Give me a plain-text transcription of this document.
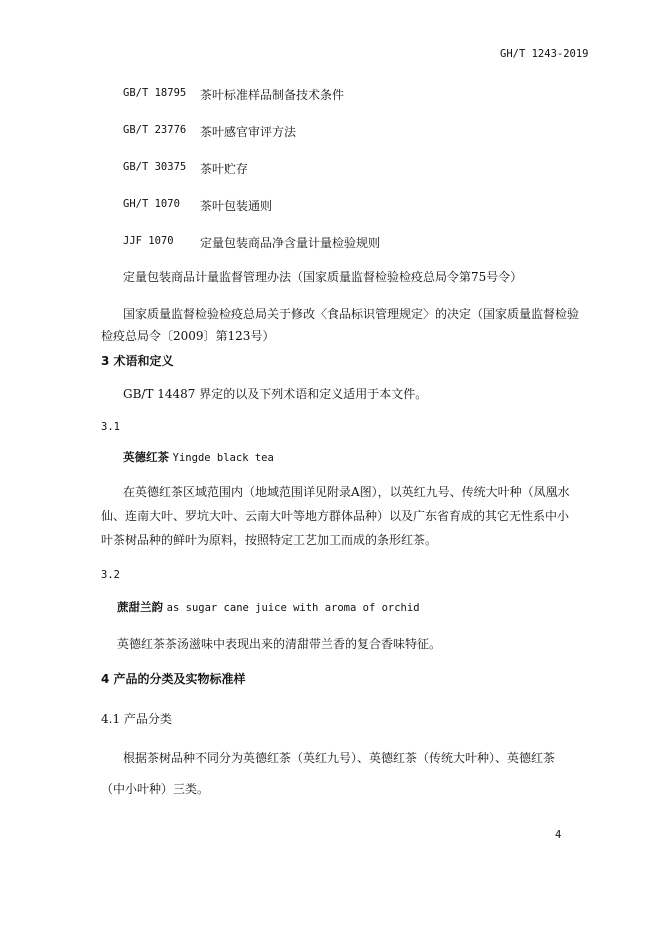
GH/T 1243-2019
GB/T 18795 茶叶标准样品制备技术条件
GB/T 23776 茶叶感官审评方法
GB/T 30375 茶叶贮存
GH/T 1070 茶叶包装通则
JJF 1070 定量包装商品净含量计量检验规则
定量包装商品计量监督管理办法（国家质量监督检验检疫总局令第75号令）
国家质量监督检验检疫总局关于修改〈食品标识管理规定〉的决定（国家质量监督检验
检疫总局令〔2009〕第123号）
3 术语和定义
GB/T 14487 界定的以及下列术语和定义适用于本文件。
3.1
英德红茶 Yingde black tea
在英德红茶区域范围内（地域范围详见附录A图），以英红九号、传统大叶种（凤凰水
仙、连南大叶、罗坑大叶、云南大叶等地方群体品种）以及广东省育成的其它无性系中小
叶茶树品种的鲜叶为原料，按照特定工艺加工而成的条形红茶。
3.2
蔗甜兰韵 as sugar cane juice with aroma of orchid
英德红茶茶汤滋味中表现出来的清甜带兰香的复合香味特征。
4 产品的分类及实物标准样
4.1 产品分类
根据茶树品种不同分为英德红茶（英红九号）、英德红茶（传统大叶种）、英德红茶
（中小叶种）三类。
4
